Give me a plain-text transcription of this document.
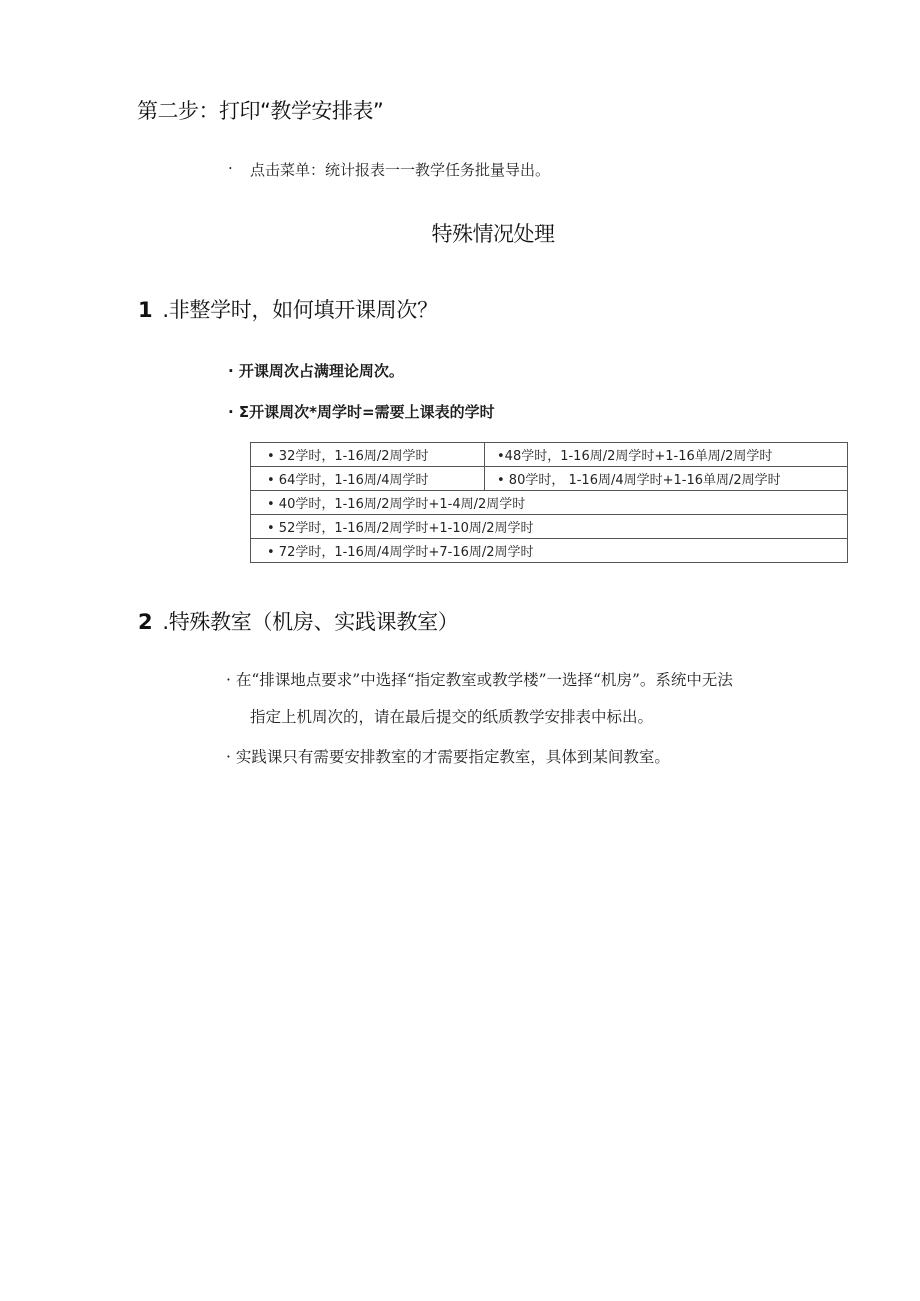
第二步：打印“教学安排表”
· 点击菜单：统计报表一一教学任务批量导出。
特殊情况处理
1 .非整学时，如何填开课周次？
· 开课周次占满理论周次。
· Σ开课周次*周学时=需要上课表的学时
• 32学时，1-16周/2周学时	•48学时，1-16周/2周学时+1-16单周/2周学时
• 64学时，1-16周/4周学时	• 80学时， 1-16周/4周学时+1-16单周/2周学时
• 40学时，1-16周/2周学时+1-4周/2周学时	
• 52学时，1-16周/2周学时+1-10周/2周学时	
• 72学时，1-16周/4周学时+7-16周/2周学时	
2 .特殊教室（机房、实践课教室）
· 在“排课地点要求”中选择“指定教室或教学楼”一选择“机房”。系统中无法
指定上机周次的，请在最后提交的纸质教学安排表中标出。
· 实践课只有需要安排教室的才需要指定教室，具体到某间教室。
